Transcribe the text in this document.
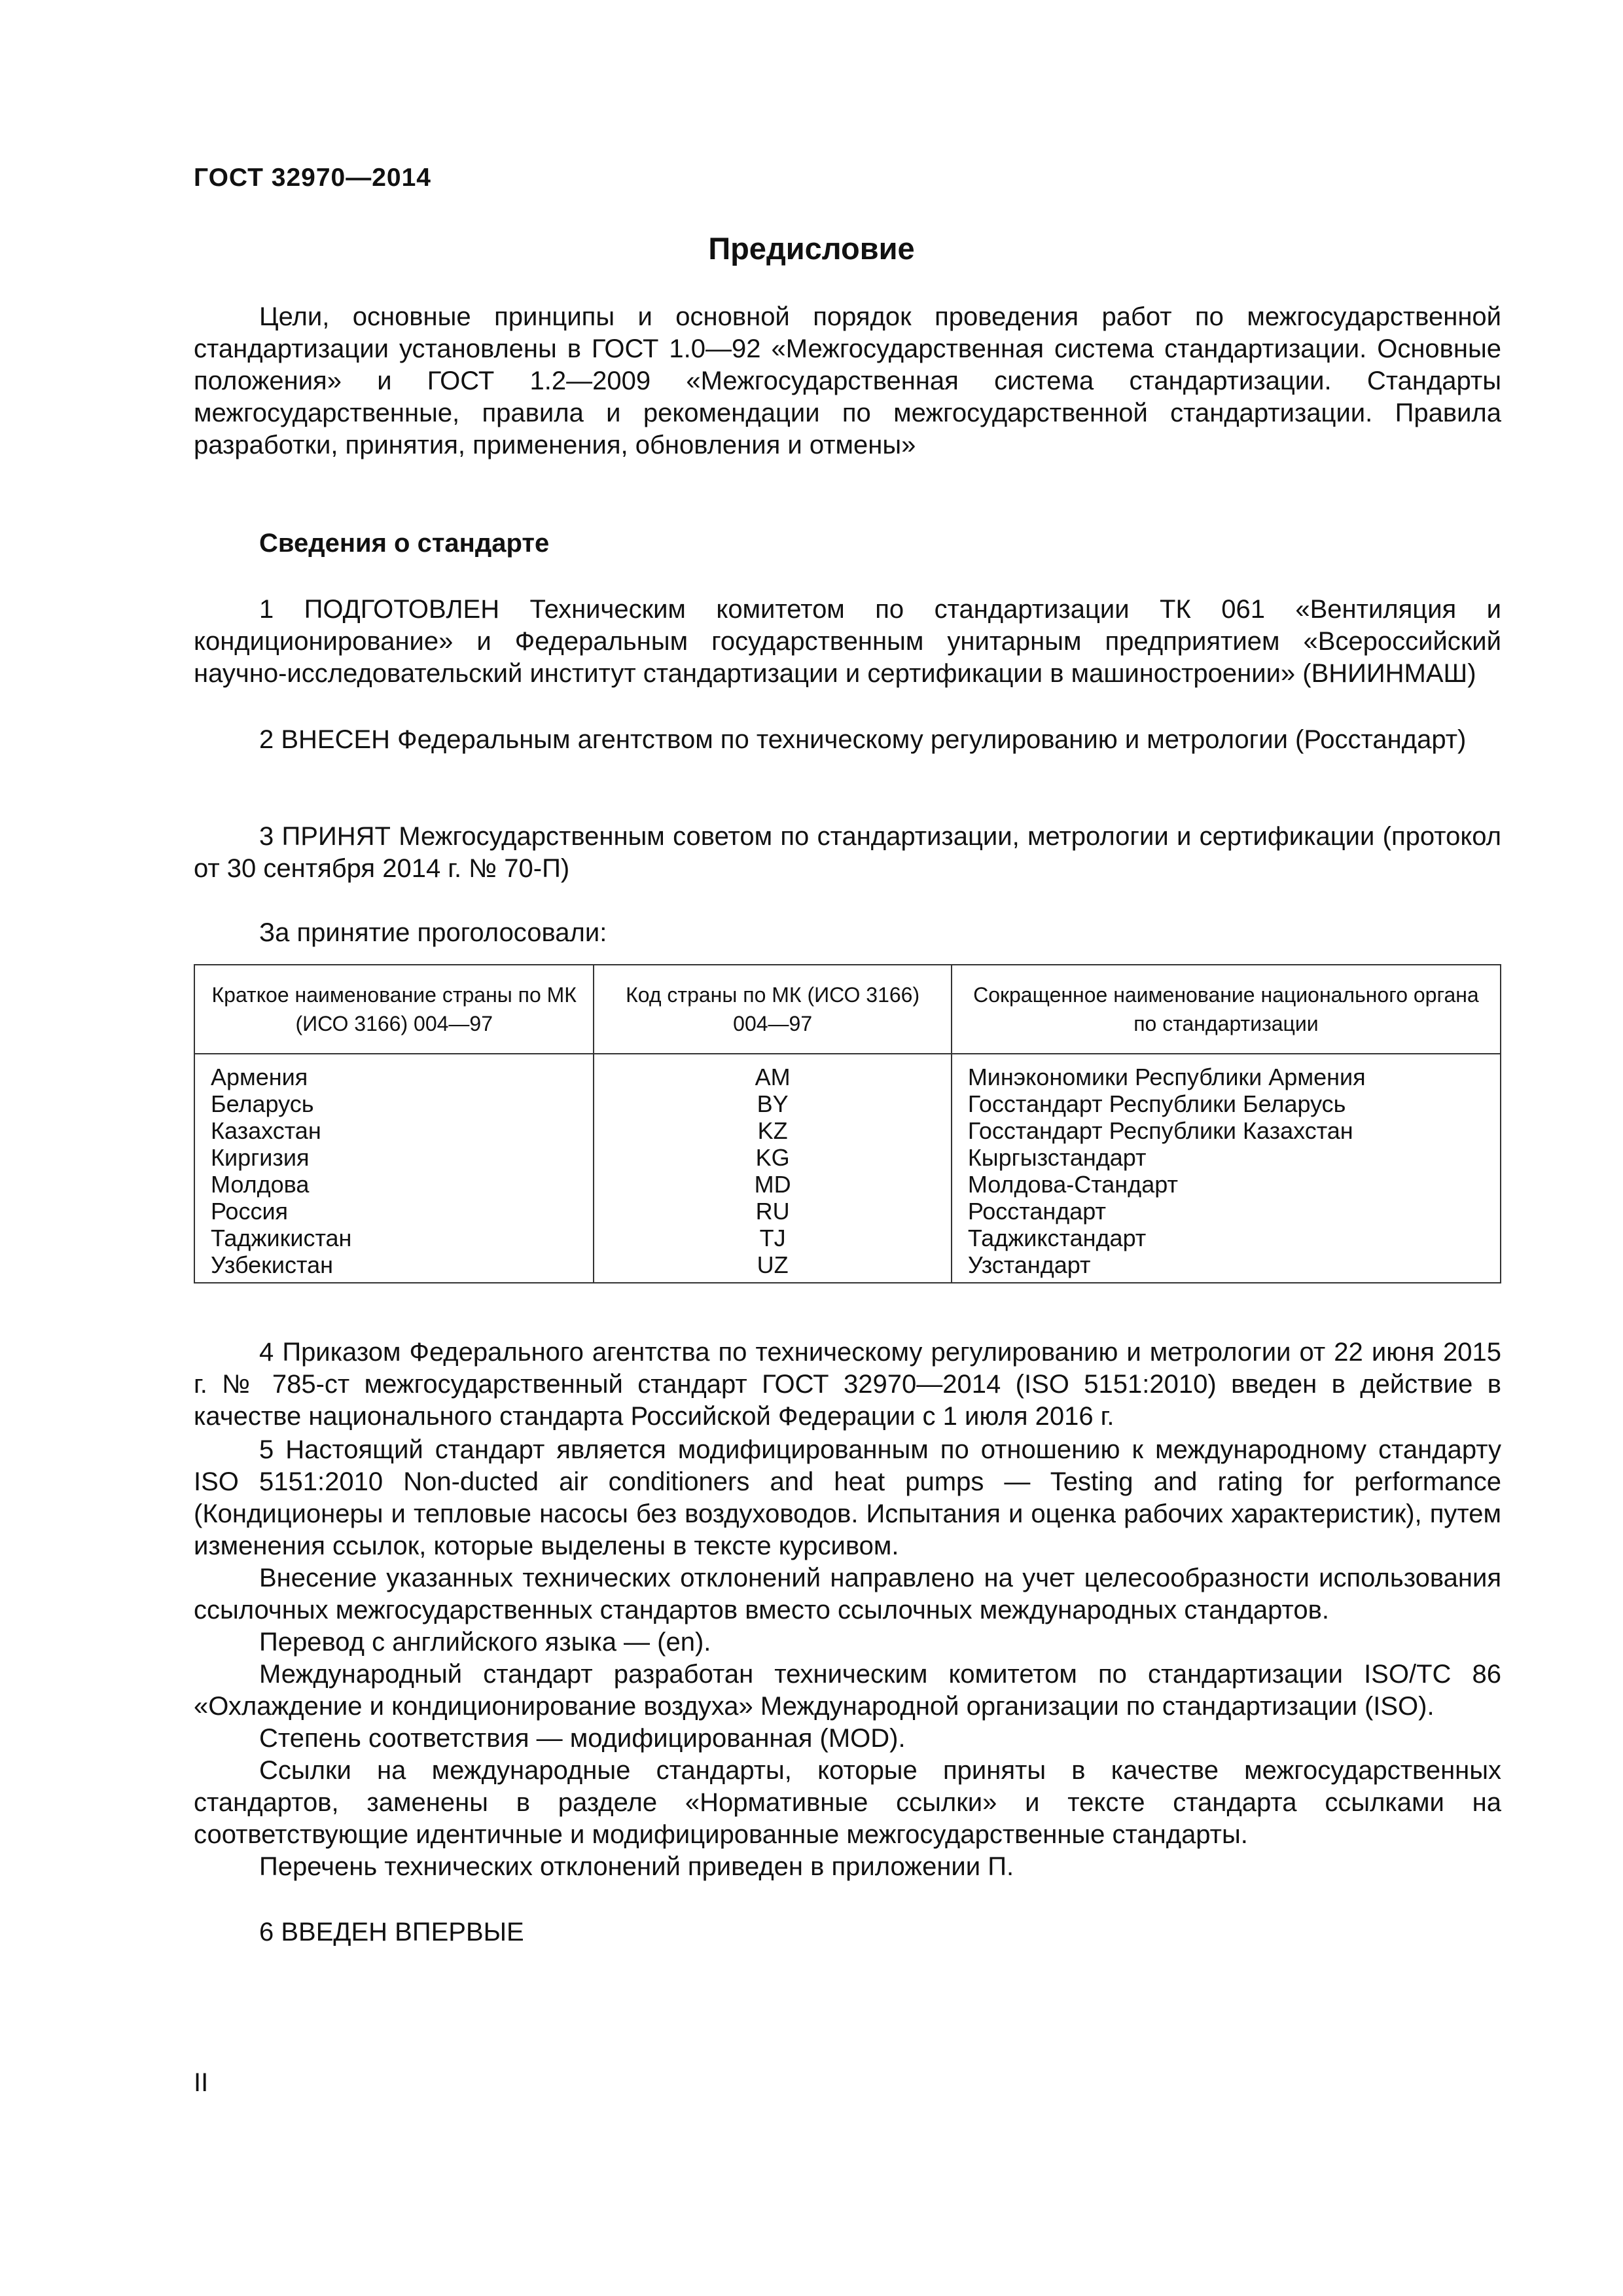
ГОСТ 32970—2014
Предисловие

Цели, основные принципы и основной порядок проведения работ по межгосударственной стандартизации установлены в ГОСТ 1.0—92 «Межгосударственная система стандартизации. Основные положения» и ГОСТ 1.2—2009 «Межгосударственная система стандартизации. Стандарты межгосударственные, правила и рекомендации по межгосударственной стандартизации. Правила разработки, принятия, применения, обновления и отмены»

Сведения о стандарте

1 ПОДГОТОВЛЕН Техническим комитетом по стандартизации ТК 061 «Вентиляция и кондиционирование» и Федеральным государственным унитарным предприятием «Всероссийский научно-исследовательский институт стандартизации и сертификации в машиностроении» (ВНИИНМАШ)

2 ВНЕСЕН Федеральным агентством по техническому регулированию и метрологии (Росстандарт)

3 ПРИНЯТ Межгосударственным советом по стандартизации, метрологии и сертификации (протокол от 30 сентября 2014 г. № 70-П)

За принятие проголосовали:

Краткое наименование страны по МК (ИСО 3166) 004—97	Код страны по МК (ИСО 3166) 004—97	Сокращенное наименование национального органа по стандартизации
Армения	AM	Минэкономики Республики Армения
Беларусь	BY	Госстандарт Республики Беларусь
Казахстан	KZ	Госстандарт Республики Казахстан
Киргизия	KG	Кыргызстандарт
Молдова	MD	Молдова-Стандарт
Россия	RU	Росстандарт
Таджикистан	TJ	Таджикстандарт
Узбекистан	UZ	Узстандарт

4 Приказом Федерального агентства по техническому регулированию и метрологии от 22 июня 2015 г. № 785-ст межгосударственный стандарт ГОСТ 32970—2014 (ISO 5151:2010) введен в действие в качестве национального стандарта Российской Федерации с 1 июля 2016 г.

5 Настоящий стандарт является модифицированным по отношению к международному стандарту ISO 5151:2010 Non-ducted air conditioners and heat pumps — Testing and rating for performance (Кондиционеры и тепловые насосы без воздуховодов. Испытания и оценка рабочих характеристик), путем изменения ссылок, которые выделены в тексте курсивом.

Внесение указанных технических отклонений направлено на учет целесообразности использования ссылочных межгосударственных стандартов вместо ссылочных международных стандартов.

Перевод с английского языка — (en).

Международный стандарт разработан техническим комитетом по стандартизации ISO/TC 86 «Охлаждение и кондиционирование воздуха» Международной организации по стандартизации (ISO).

Степень соответствия — модифицированная (MOD).

Ссылки на международные стандарты, которые приняты в качестве межгосударственных стандартов, заменены в разделе «Нормативные ссылки» и тексте стандарта ссылками на соответствующие идентичные и модифицированные межгосударственные стандарты.

Перечень технических отклонений приведен в приложении П.

6 ВВЕДЕН ВПЕРВЫЕ

II
